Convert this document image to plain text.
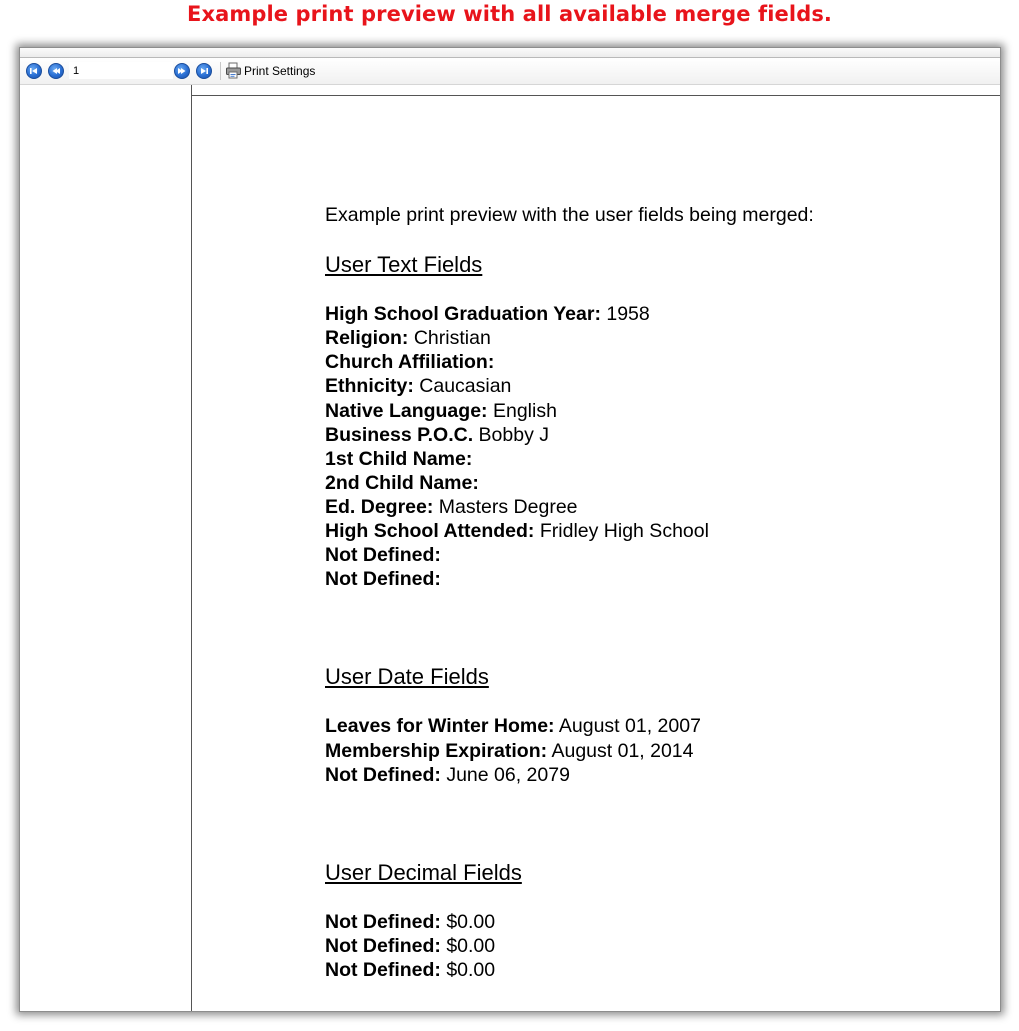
Example print preview with all available merge fields.
1	Print Settings

Example print preview with the user fields being merged:

User Text Fields

High School Graduation Year: 1958

Religion: Christian

Church Affiliation:

Ethnicity: Caucasian

Native Language: English

Business P.O.C. Bobby J

1st Child Name:

2nd Child Name:

Ed. Degree: Masters Degree

High School Attended: Fridley High School

Not Defined:

Not Defined:

User Date Fields

Leaves for Winter Home: August 01, 2007

Membership Expiration: August 01, 2014

Not Defined: June 06, 2079

User Decimal Fields

Not Defined: $0.00

Not Defined: $0.00

Not Defined: $0.00
